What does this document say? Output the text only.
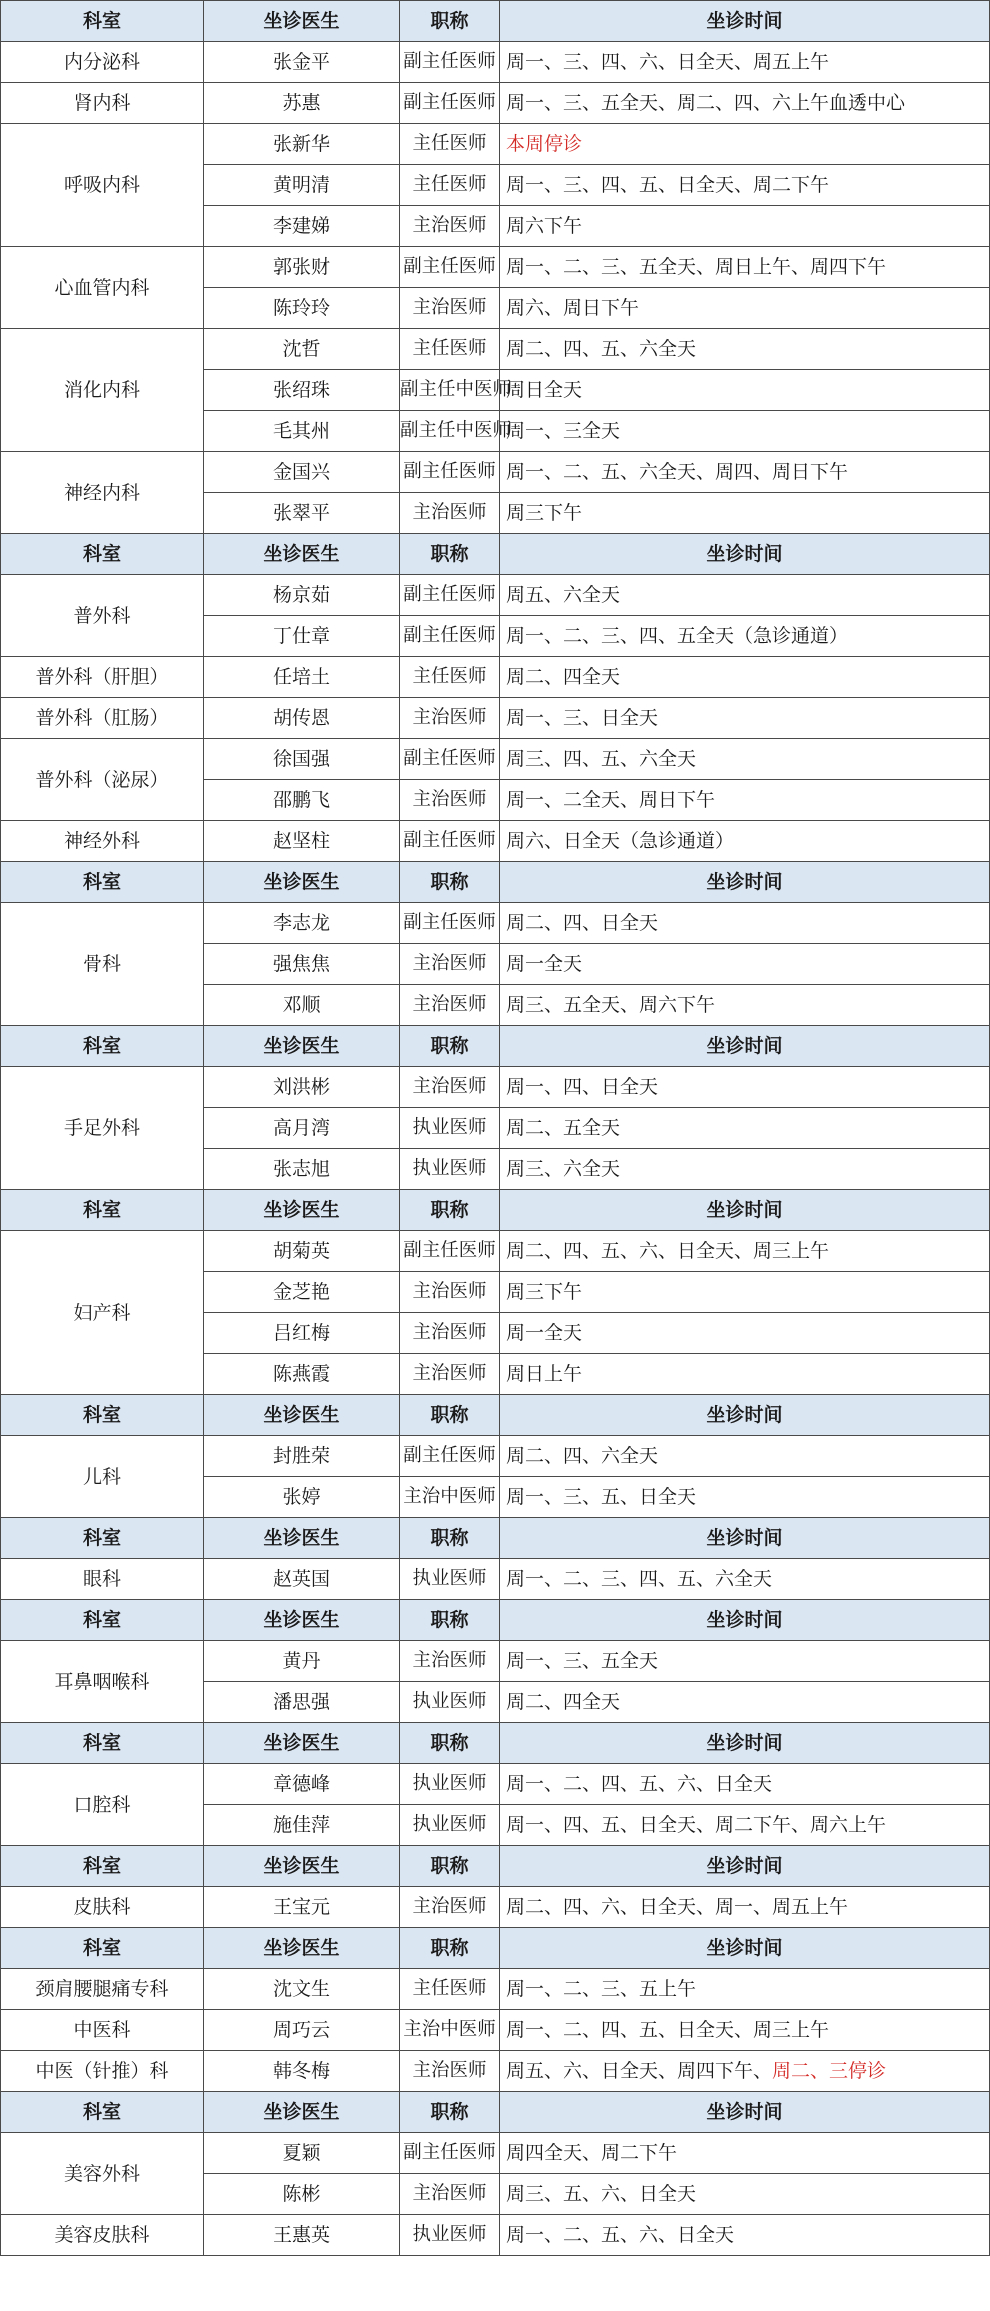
科室	坐诊医生	职称	坐诊时间
内分泌科	张金平	副主任医师	周一、三、四、六、日全天、周五上午
肾内科	苏惠	副主任医师	周一、三、五全天、周二、四、六上午血透中心
呼吸内科	张新华	主任医师	本周停诊
	黄明清	主任医师	周一、三、四、五、日全天、周二下午
	李建娣	主治医师	周六下午
心血管内科	郭张财	副主任医师	周一、二、三、五全天、周日上午、周四下午
	陈玲玲	主治医师	周六、周日下午
消化内科	沈哲	主任医师	周二、四、五、六全天
	张绍珠	副主任中医师	周日全天
	毛其州	副主任中医师	周一、三全天
神经内科	金国兴	副主任医师	周一、二、五、六全天、周四、周日下午
	张翠平	主治医师	周三下午
科室	坐诊医生	职称	坐诊时间
普外科	杨京茹	副主任医师	周五、六全天
	丁仕章	副主任医师	周一、二、三、四、五全天（急诊通道）
普外科（肝胆）	任培土	主任医师	周二、四全天
普外科（肛肠）	胡传恩	主治医师	周一、三、日全天
普外科（泌尿）	徐国强	副主任医师	周三、四、五、六全天
	邵鹏飞	主治医师	周一、二全天、周日下午
神经外科	赵坚柱	副主任医师	周六、日全天（急诊通道）
科室	坐诊医生	职称	坐诊时间
骨科	李志龙	副主任医师	周二、四、日全天
	强焦焦	主治医师	周一全天
	邓顺	主治医师	周三、五全天、周六下午
科室	坐诊医生	职称	坐诊时间
手足外科	刘洪彬	主治医师	周一、四、日全天
	高月湾	执业医师	周二、五全天
	张志旭	执业医师	周三、六全天
科室	坐诊医生	职称	坐诊时间
妇产科	胡菊英	副主任医师	周二、四、五、六、日全天、周三上午
	金芝艳	主治医师	周三下午
	吕红梅	主治医师	周一全天
	陈燕霞	主治医师	周日上午
科室	坐诊医生	职称	坐诊时间
儿科	封胜荣	副主任医师	周二、四、六全天
	张婷	主治中医师	周一、三、五、日全天
科室	坐诊医生	职称	坐诊时间
眼科	赵英国	执业医师	周一、二、三、四、五、六全天
科室	坐诊医生	职称	坐诊时间
耳鼻咽喉科	黄丹	主治医师	周一、三、五全天
	潘思强	执业医师	周二、四全天
科室	坐诊医生	职称	坐诊时间
口腔科	章德峰	执业医师	周一、二、四、五、六、日全天
	施佳萍	执业医师	周一、四、五、日全天、周二下午、周六上午
科室	坐诊医生	职称	坐诊时间
皮肤科	王宝元	主治医师	周二、四、六、日全天、周一、周五上午
科室	坐诊医生	职称	坐诊时间
颈肩腰腿痛专科	沈文生	主任医师	周一、二、三、五上午
中医科	周巧云	主治中医师	周一、二、四、五、日全天、周三上午
中医（针推）科	韩冬梅	主治医师	周五、六、日全天、周四下午、周二、三停诊
科室	坐诊医生	职称	坐诊时间
美容外科	夏颖	副主任医师	周四全天、周二下午
	陈彬	主治医师	周三、五、六、日全天
美容皮肤科	王惠英	执业医师	周一、二、五、六、日全天
